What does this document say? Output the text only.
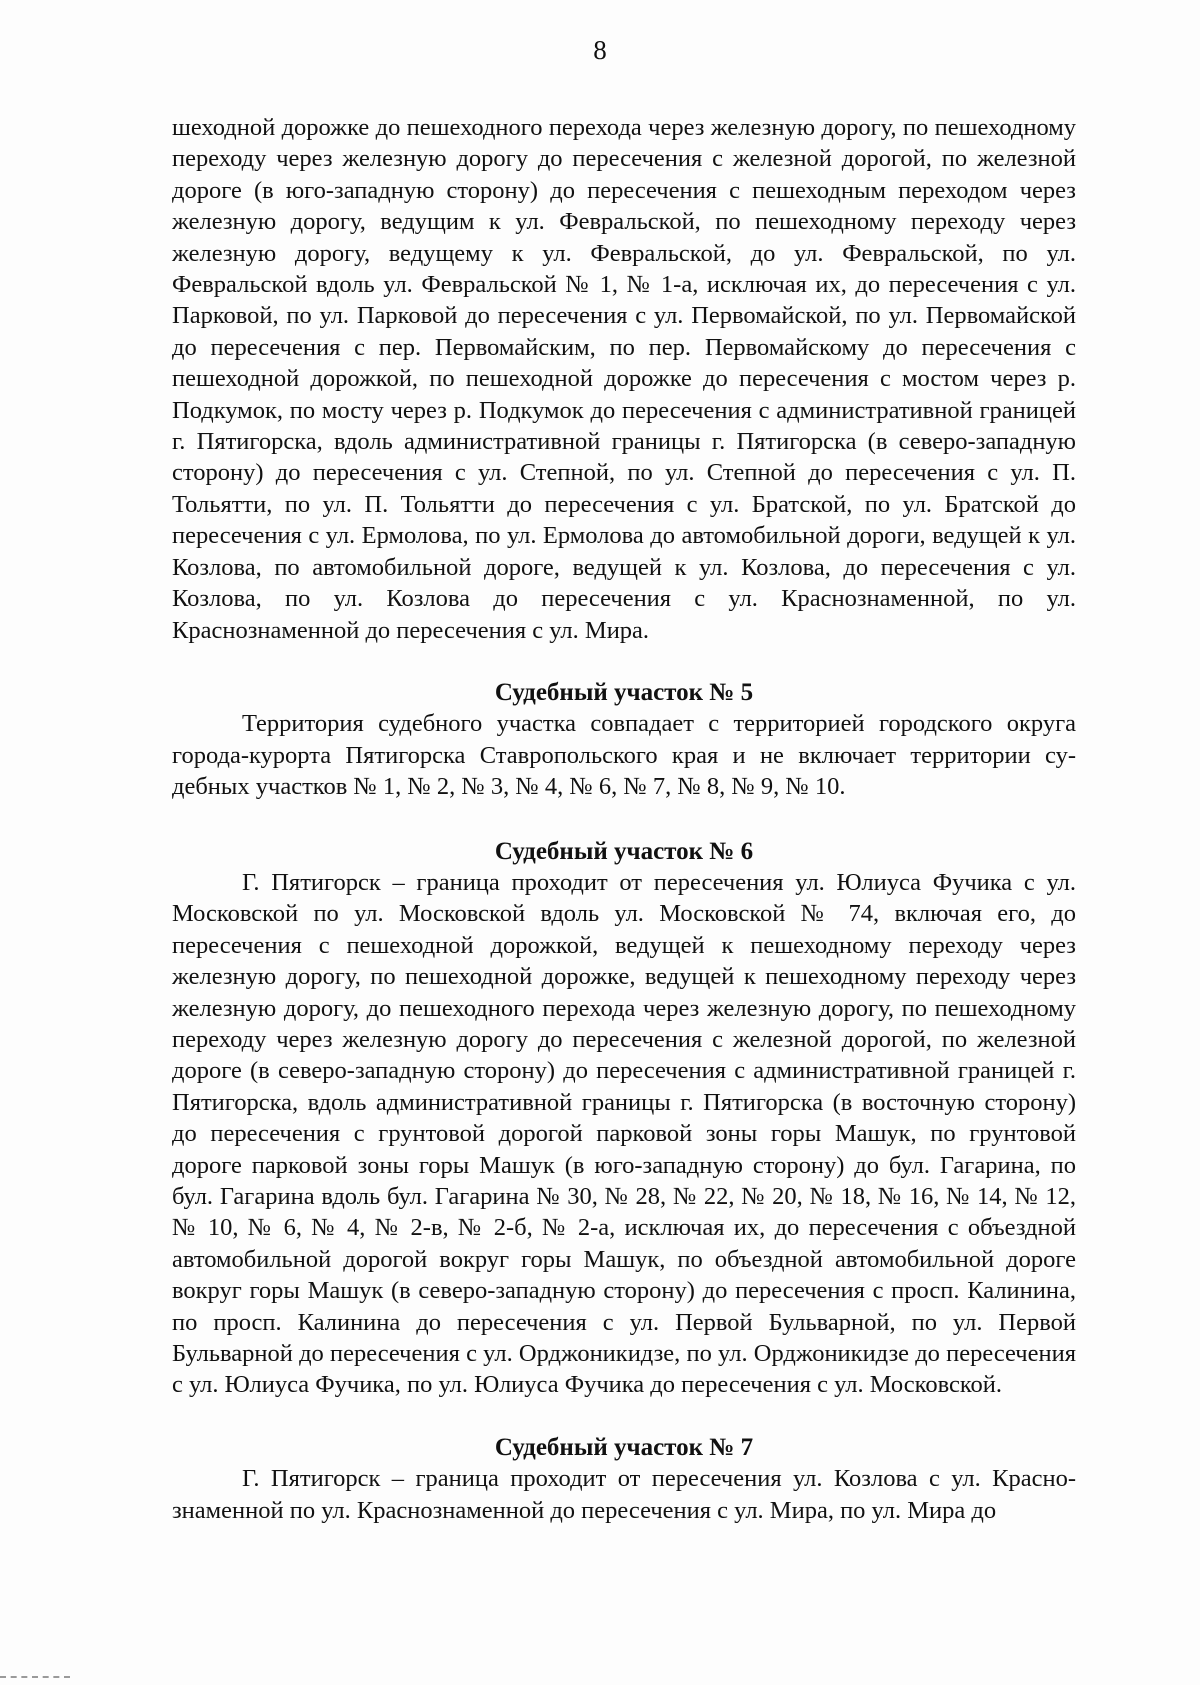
8

шеходной дорожке до пешеходного перехода через железную дорогу, по пешеходному переходу через железную дорогу до пересечения с железной дорогой, по железной дороге (в юго-западную сторону) до пересечения с пешеходным переходом через железную дорогу, ведущим к ул. Февральской, по пешеходному переходу через железную дорогу, ведущему к ул. Февральской, до ул. Февральской, по ул. Февральской вдоль ул. Февральской № 1, № 1-а, исключая их, до пересечения с ул. Парковой, по ул. Парковой до пересечения с ул. Первомайской, по ул. Первомайской до пересечения с пер. Первомайским, по пер. Первомайскому до пересечения с пешеходной дорожкой, по пешеходной дорожке до пересечения с мостом через р. Подкумок, по мосту через р. Подкумок до пересечения с административной границей г. Пятигорска, вдоль административной границы г. Пятигорска (в северо-западную сторону) до пересечения с ул. Степной, по ул. Степной до пересечения с ул. П. Тольятти, по ул. П. Тольятти до пересечения с ул. Братской, по ул. Братской до пересечения с ул. Ермолова, по ул. Ермолова до автомобильной дороги, ведущей к ул. Козлова, по автомобильной дороге, ведущей к ул. Козлова, до пересечения с ул. Козлова, по ул. Козлова до пересечения с ул. Краснознаменной, по ул. Краснознаменной до пересечения с ул. Мира.

Судебный участок № 5

Территория судебного участка совпадает с территорией городского округа города-курорта Пятигорска Ставропольского края и не включает территории судебных участков № 1, № 2, № 3, № 4, № 6, № 7, № 8, № 9, № 10.

Судебный участок № 6

Г. Пятигорск – граница проходит от пересечения ул. Юлиуса Фучика с ул. Московской по ул. Московской вдоль ул. Московской № 74, включая его, до пересечения с пешеходной дорожкой, ведущей к пешеходному переходу через железную дорогу, по пешеходной дорожке, ведущей к пешеходному переходу через железную дорогу, до пешеходного перехода через железную дорогу, по пешеходному переходу через железную дорогу до пересечения с железной дорогой, по железной дороге (в северо-западную сторону) до пересечения с административной границей г. Пятигорска, вдоль административной границы г. Пятигорска (в восточную сторону) до пересечения с грунтовой дорогой парковой зоны горы Машук, по грунтовой дороге парковой зоны горы Машук (в юго-западную сторону) до бул. Гагарина, по бул. Гагарина вдоль бул. Гагарина № 30, № 28, № 22, № 20, № 18, № 16, № 14, № 12, № 10, № 6, № 4, № 2-в, № 2-б, № 2-а, исключая их, до пересечения с объездной автомобильной дорогой вокруг горы Машук, по объездной автомобильной дороге вокруг горы Машук (в северо-западную сторону) до пересечения с просп. Калинина, по просп. Калинина до пересечения с ул. Первой Бульварной, по ул. Первой Бульварной до пересечения с ул. Орджоникидзе, по ул. Орджоникидзе до пересечения с ул. Юлиуса Фучика, по ул. Юлиуса Фучика до пересечения с ул. Московской.

Судебный участок № 7

Г. Пятигорск – граница проходит от пересечения ул. Козлова с ул. Краснознаменной по ул. Краснознаменной до пересечения с ул. Мира, по ул. Мира до
